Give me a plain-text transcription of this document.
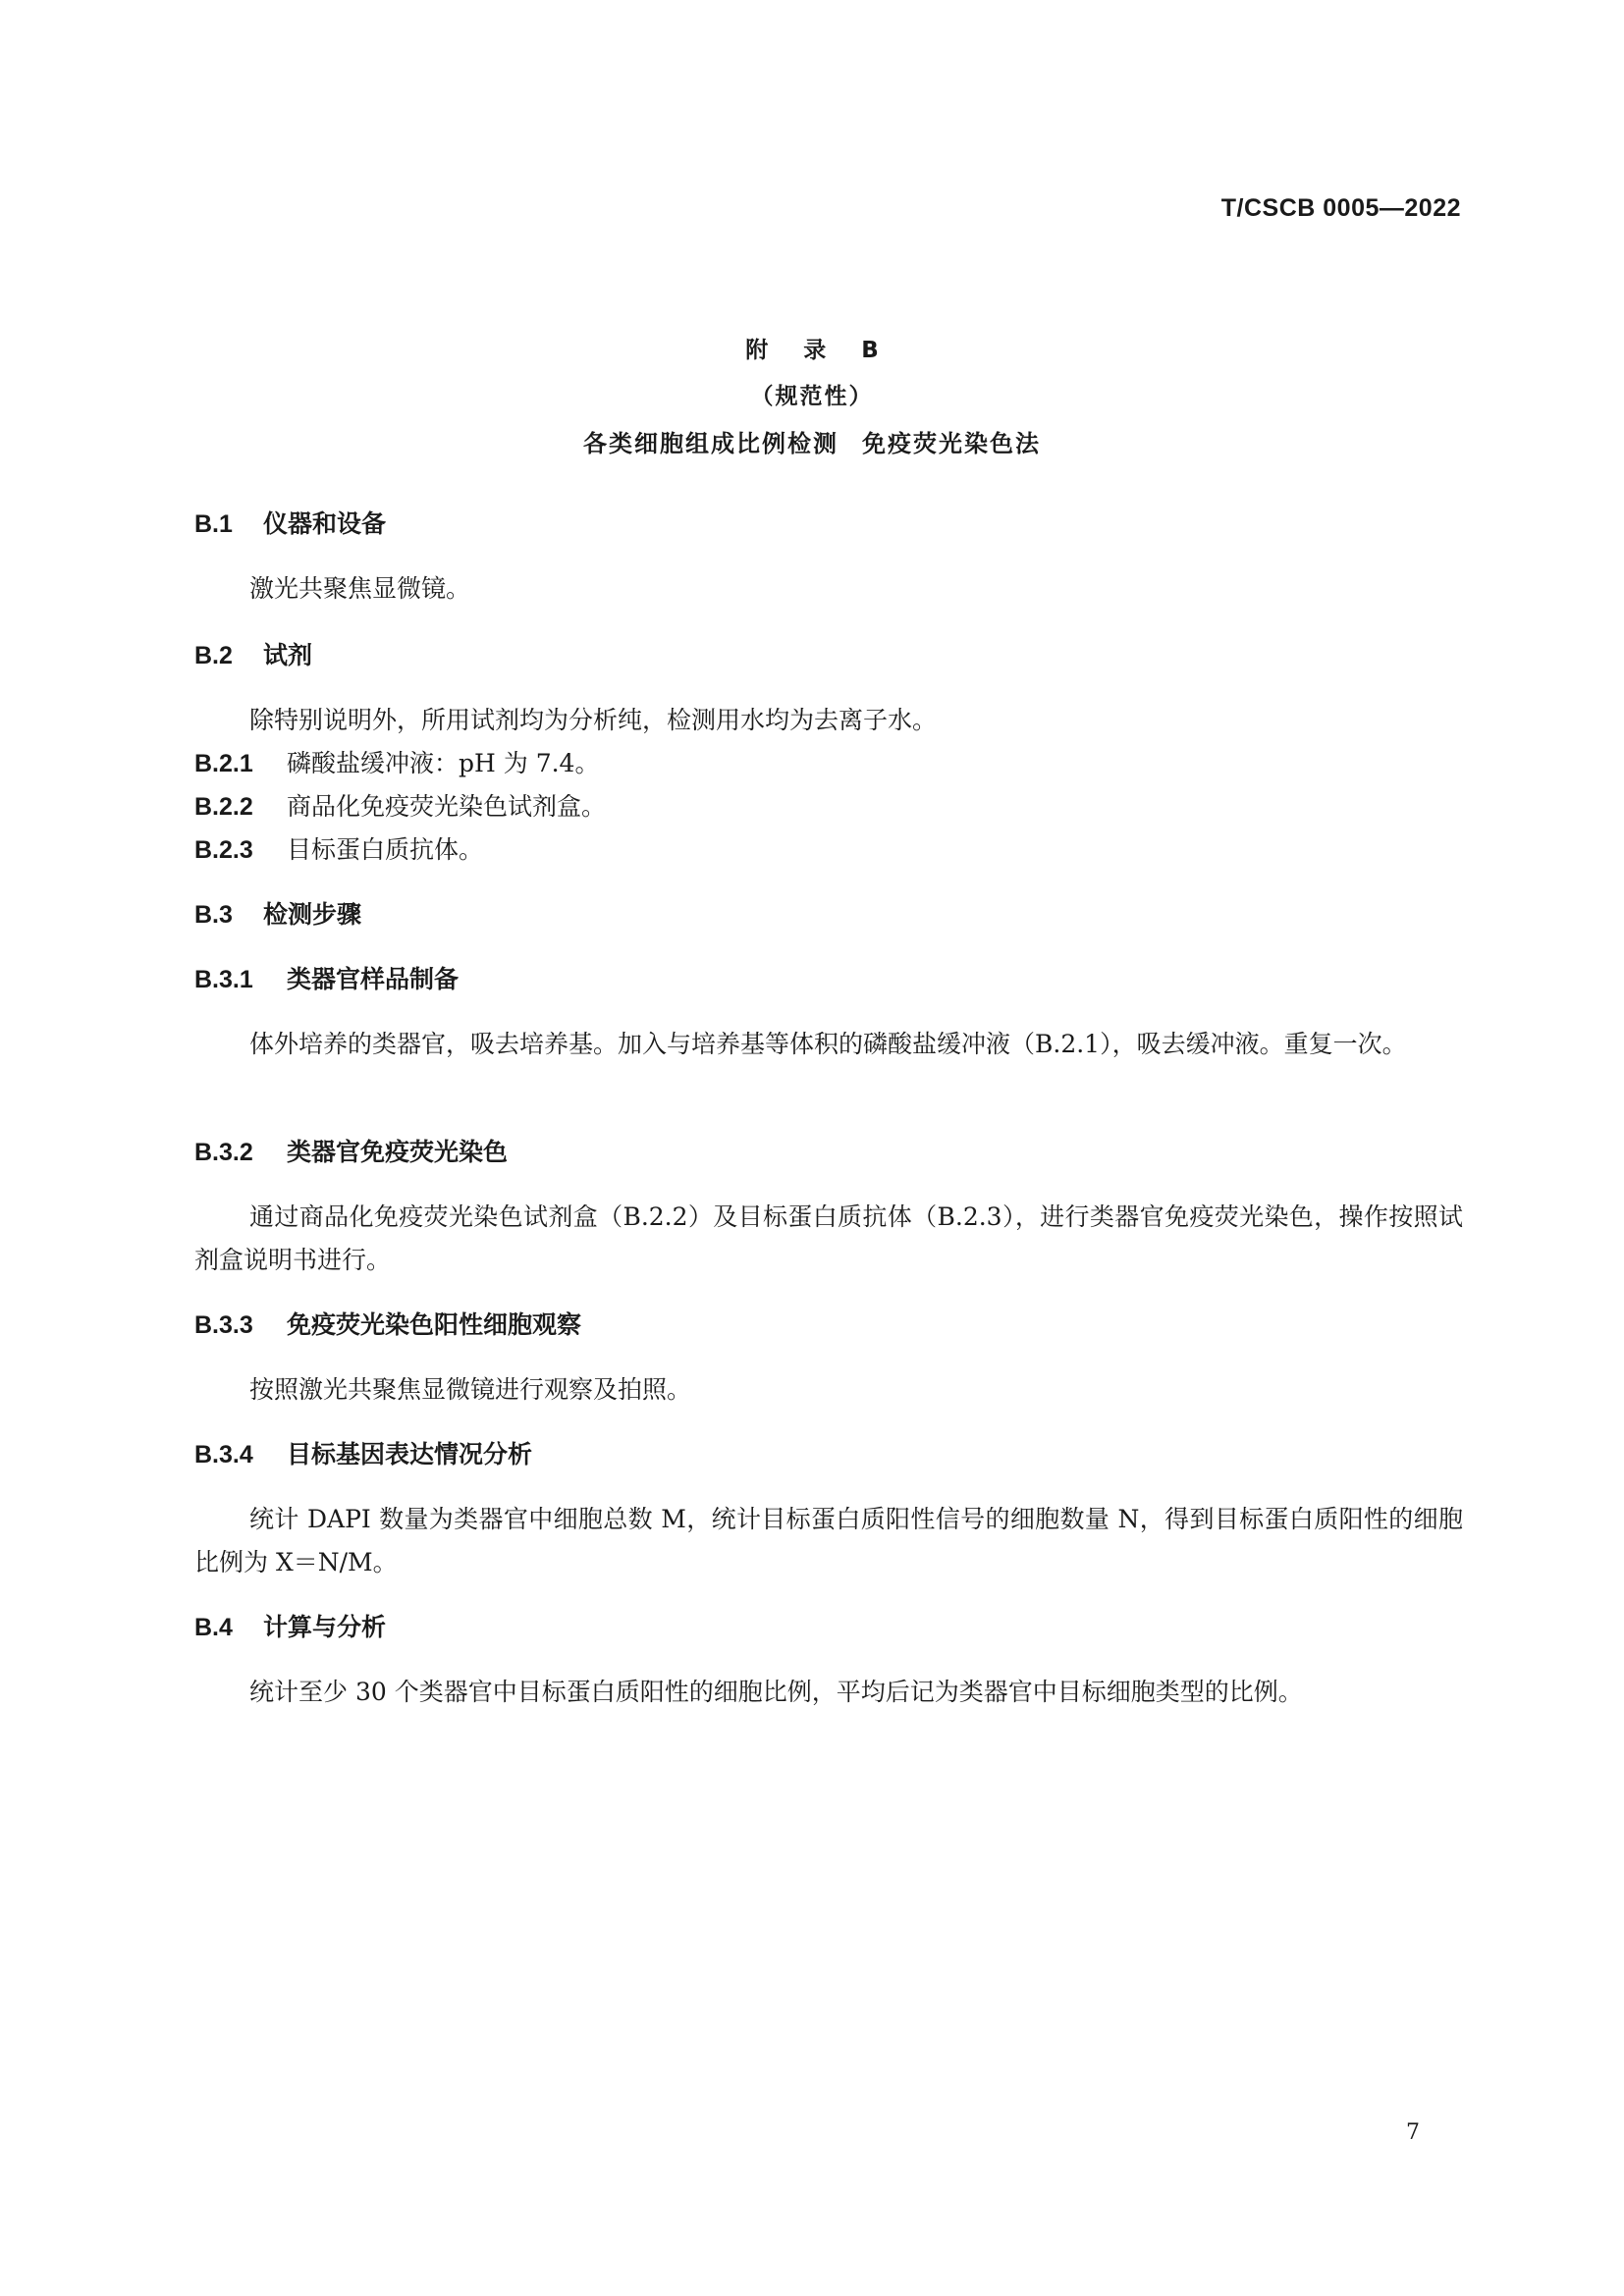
T/CSCB 0005—2022
附 录 B
（规范性）
各类细胞组成比例检测 免疫荧光染色法
B.1 仪器和设备
激光共聚焦显微镜。
B.2 试剂
除特别说明外，所用试剂均为分析纯，检测用水均为去离子水。
B.2.1 磷酸盐缓冲液：pH 为 7.4。
B.2.2 商品化免疫荧光染色试剂盒。
B.2.3 目标蛋白质抗体。
B.3 检测步骤
B.3.1 类器官样品制备
体外培养的类器官，吸去培养基。加入与培养基等体积的磷酸盐缓冲液（B.2.1），吸去缓冲液。重复一次。
B.3.2 类器官免疫荧光染色
通过商品化免疫荧光染色试剂盒（B.2.2）及目标蛋白质抗体（B.2.3），进行类器官免疫荧光染色，操作按照试剂盒说明书进行。
B.3.3 免疫荧光染色阳性细胞观察
按照激光共聚焦显微镜进行观察及拍照。
B.3.4 目标基因表达情况分析
统计 DAPI 数量为类器官中细胞总数 M，统计目标蛋白质阳性信号的细胞数量 N，得到目标蛋白质阳性的细胞比例为 X＝N/M。
B.4 计算与分析
统计至少 30 个类器官中目标蛋白质阳性的细胞比例，平均后记为类器官中目标细胞类型的比例。
7
